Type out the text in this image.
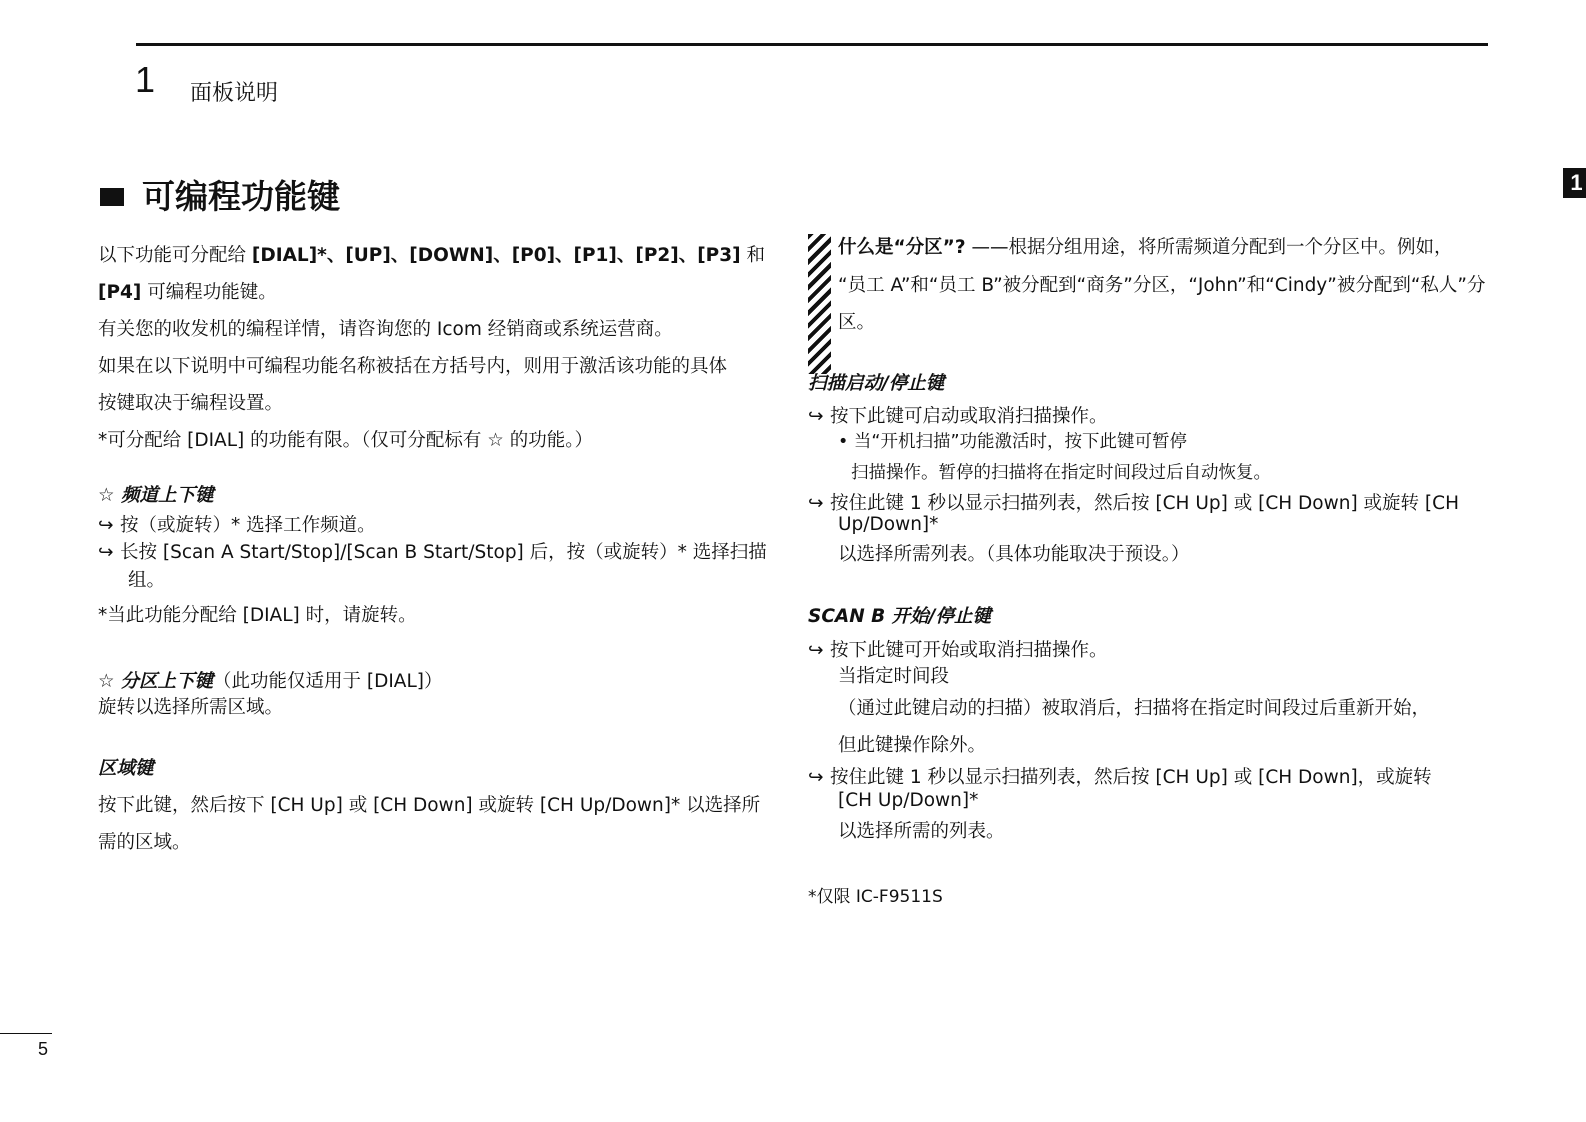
1 面板说明
1
可编程功能键
以下功能可分配给 [DIAL]*、[UP]、[DOWN]、[P0]、[P1]、[P2]、[P3] 和
[P4] 可编程功能键。
有关您的收发机的编程详情，请咨询您的 Icom 经销商或系统运营商。
如果在以下说明中可编程功能名称被括在方括号内，则用于激活该功能的具体
按键取决于编程设置。
*可分配给 [DIAL] 的功能有限。（仅可分配标有 ☆ 的功能。）
☆ 频道上下键
↪ 按（或旋转）* 选择工作频道。
↪ 长按 [Scan A Start/Stop]/[Scan B Start/Stop] 后，按（或旋转）* 选择扫描
组。
*当此功能分配给 [DIAL] 时，请旋转。
☆ 分区上下键（此功能仅适用于 [DIAL]）
旋转以选择所需区域。
区域键
按下此键，然后按下 [CH Up] 或 [CH Down] 或旋转 [CH Up/Down]* 以选择所
需的区域。
什么是“分区”? ——根据分组用途，将所需频道分配到一个分区中。例如，
“员工 A”和“员工 B”被分配到“商务”分区，“John”和“Cindy”被分配到“私人”分
区。
扫描启动/停止键
↪ 按下此键可启动或取消扫描操作。
• 当“开机扫描”功能激活时，按下此键可暂停
扫描操作。暂停的扫描将在指定时间段过后自动恢复。
↪ 按住此键 1 秒以显示扫描列表，然后按 [CH Up] 或 [CH Down] 或旋转 [CH
Up/Down]*
以选择所需列表。（具体功能取决于预设。）
SCAN B 开始/停止键
↪ 按下此键可开始或取消扫描操作。
当指定时间段
（通过此键启动的扫描）被取消后，扫描将在指定时间段过后重新开始，
但此键操作除外。
↪ 按住此键 1 秒以显示扫描列表，然后按 [CH Up] 或 [CH Down]，或旋转
[CH Up/Down]*
以选择所需的列表。
*仅限 IC-F9511S
5
